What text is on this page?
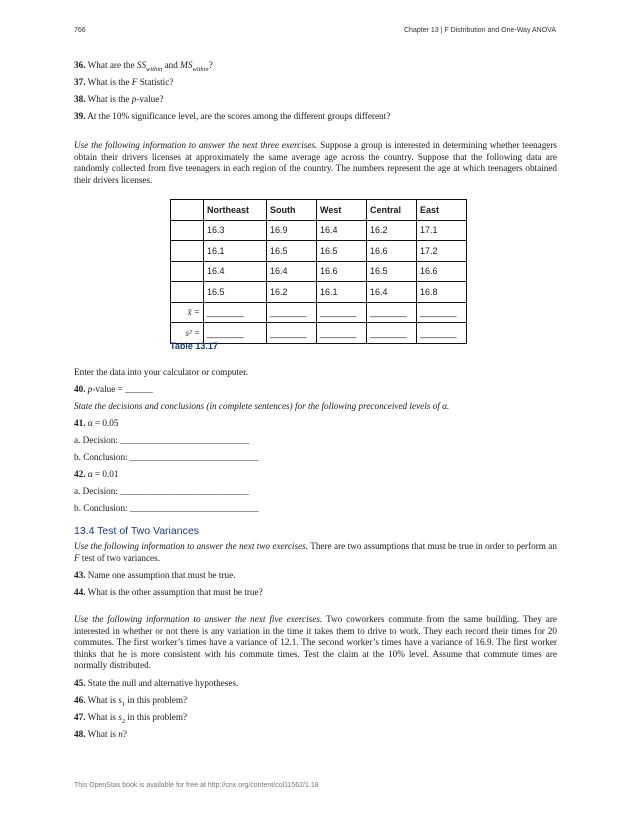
766	Chapter 13 | F Distribution and One-Way ANOVA
36. What are the $SS_{within}$ and $MS_{within}$?
37. What is the F Statistic?
38. What is the p-value?
39. At the 10% significance level, are the scores among the different groups different?
Use the following information to answer the next three exercises. Suppose a group is interested in determining whether teenagers obtain their drivers licenses at approximately the same average age across the country. Suppose that the following data are randomly collected from five teenagers in each region of the country. The numbers represent the age at which teenagers obtained their drivers licenses.
	Northeast	South	West	Central	East
	16.3	16.9	16.4	16.2	17.1
	16.1	16.5	16.5	16.6	17.2
	16.4	16.4	16.6	16.5	16.6
	16.5	16.2	16.1	16.4	16.8
x̄ =	________	________	________	________	________
s² =	________	________	________	________	________
Table 13.17
Enter the data into your calculator or computer.
40. p-value = ______
State the decisions and conclusions (in complete sentences) for the following preconceived levels of α.
41. α = 0.05
a. Decision: ____________________________
b. Conclusion: ____________________________
42. α = 0.01
a. Decision: ____________________________
b. Conclusion: ____________________________
13.4 Test of Two Variances
Use the following information to answer the next two exercises. There are two assumptions that must be true in order to perform an F test of two variances.
43. Name one assumption that must be true.
44. What is the other assumption that must be true?
Use the following information to answer the next five exercises. Two coworkers commute from the same building. They are interested in whether or not there is any variation in the time it takes them to drive to work. They each record their times for 20 commutes. The first worker’s times have a variance of 12.1. The second worker’s times have a variance of 16.9. The first worker thinks that he is more consistent with his commute times. Test the claim at the 10% level. Assume that commute times are normally distributed.
45. State the null and alternative hypotheses.
46. What is $s_1$ in this problem?
47. What is $s_2$ in this problem?
48. What is n?
This OpenStax book is available for free at http://cnx.org/content/col11562/1.18
